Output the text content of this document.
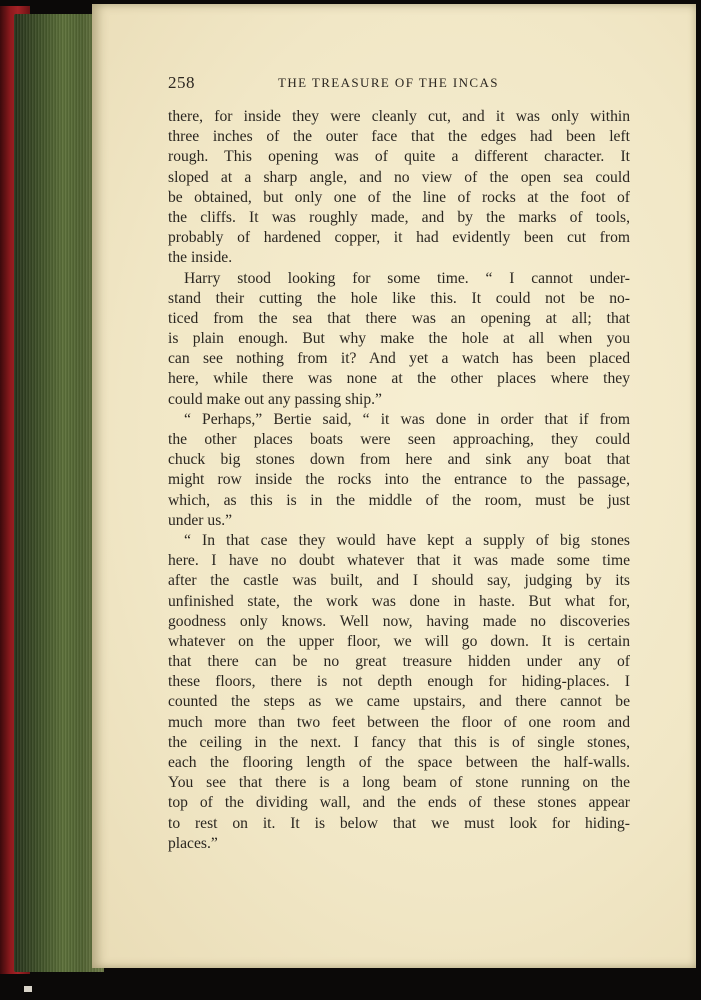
258	THE TREASURE OF THE INCAS
there, for inside they were cleanly cut, and it was only within
three inches of the outer face that the edges had been left
rough. This opening was of quite a different character. It
sloped at a sharp angle, and no view of the open sea could
be obtained, but only one of the line of rocks at the foot of
the cliffs. It was roughly made, and by the marks of tools,
probably of hardened copper, it had evidently been cut from
the inside.
Harry stood looking for some time. “ I cannot under-
stand their cutting the hole like this. It could not be no-
ticed from the sea that there was an opening at all; that
is plain enough. But why make the hole at all when you
can see nothing from it? And yet a watch has been placed
here, while there was none at the other places where they
could make out any passing ship.”
“ Perhaps,” Bertie said, “ it was done in order that if from
the other places boats were seen approaching, they could
chuck big stones down from here and sink any boat that
might row inside the rocks into the entrance to the passage,
which, as this is in the middle of the room, must be just
under us.”
“ In that case they would have kept a supply of big stones
here. I have no doubt whatever that it was made some time
after the castle was built, and I should say, judging by its
unfinished state, the work was done in haste. But what for,
goodness only knows. Well now, having made no discoveries
whatever on the upper floor, we will go down. It is certain
that there can be no great treasure hidden under any of
these floors, there is not depth enough for hiding-places. I
counted the steps as we came upstairs, and there cannot be
much more than two feet between the floor of one room and
the ceiling in the next. I fancy that this is of single stones,
each the flooring length of the space between the half-walls.
You see that there is a long beam of stone running on the
top of the dividing wall, and the ends of these stones appear
to rest on it. It is below that we must look for hiding-
places.”
